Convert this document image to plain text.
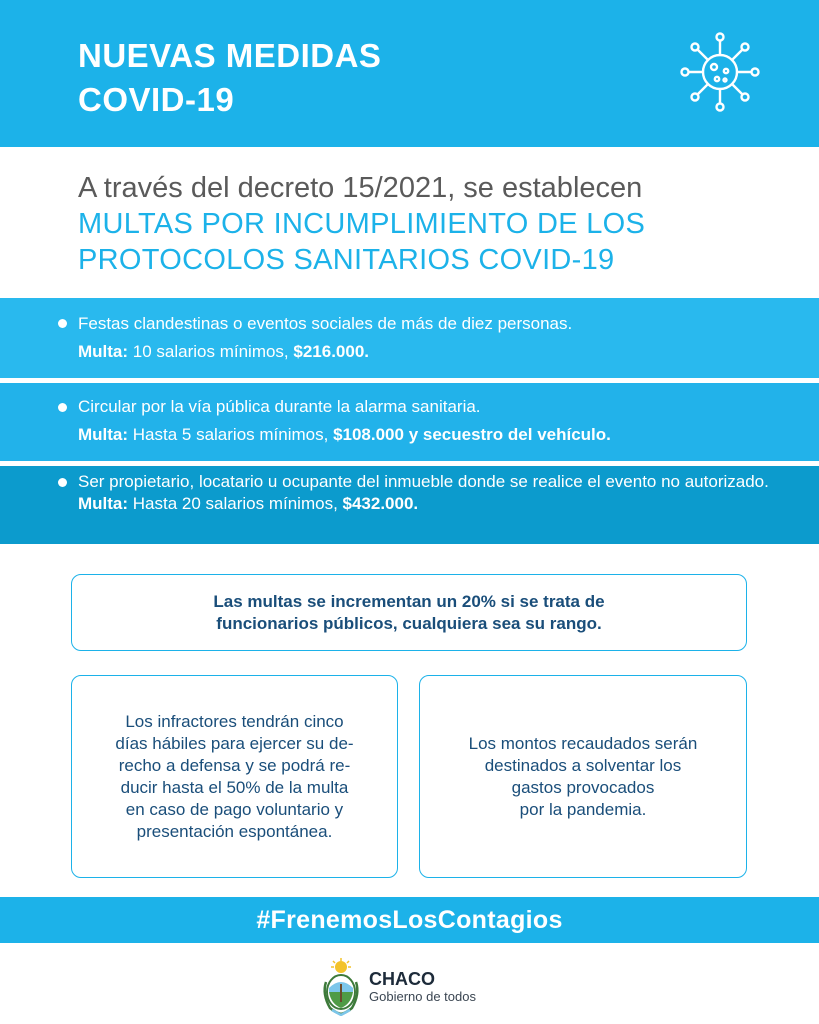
NUEVAS MEDIDAS
COVID-19
A través del decreto 15/2021, se establecen
MULTAS POR INCUMPLIMIENTO DE LOS PROTOCOLOS SANITARIOS COVID-19
Festas clandestinas o eventos sociales de más de diez personas.
Multa: 10 salarios mínimos, $216.000.
Circular por la vía pública durante la alarma sanitaria.
Multa: Hasta 5 salarios mínimos, $108.000 y secuestro del vehículo.
Ser propietario, locatario u ocupante del inmueble donde se realice el evento no autorizado.
Multa: Hasta 20 salarios mínimos, $432.000.

Las multas se incrementan un 20% si se trata de
funcionarios públicos, cualquiera sea su rango.

Los infractores tendrán cinco
días hábiles para ejercer su de-
recho a defensa y se podrá re-
ducir hasta el 50% de la multa
en caso de pago voluntario y
presentación espontánea.

Los montos recaudados serán
destinados a solventar los
gastos provocados
por la pandemia.

#FrenemosLosContagios
CHACO
Gobierno de todos
